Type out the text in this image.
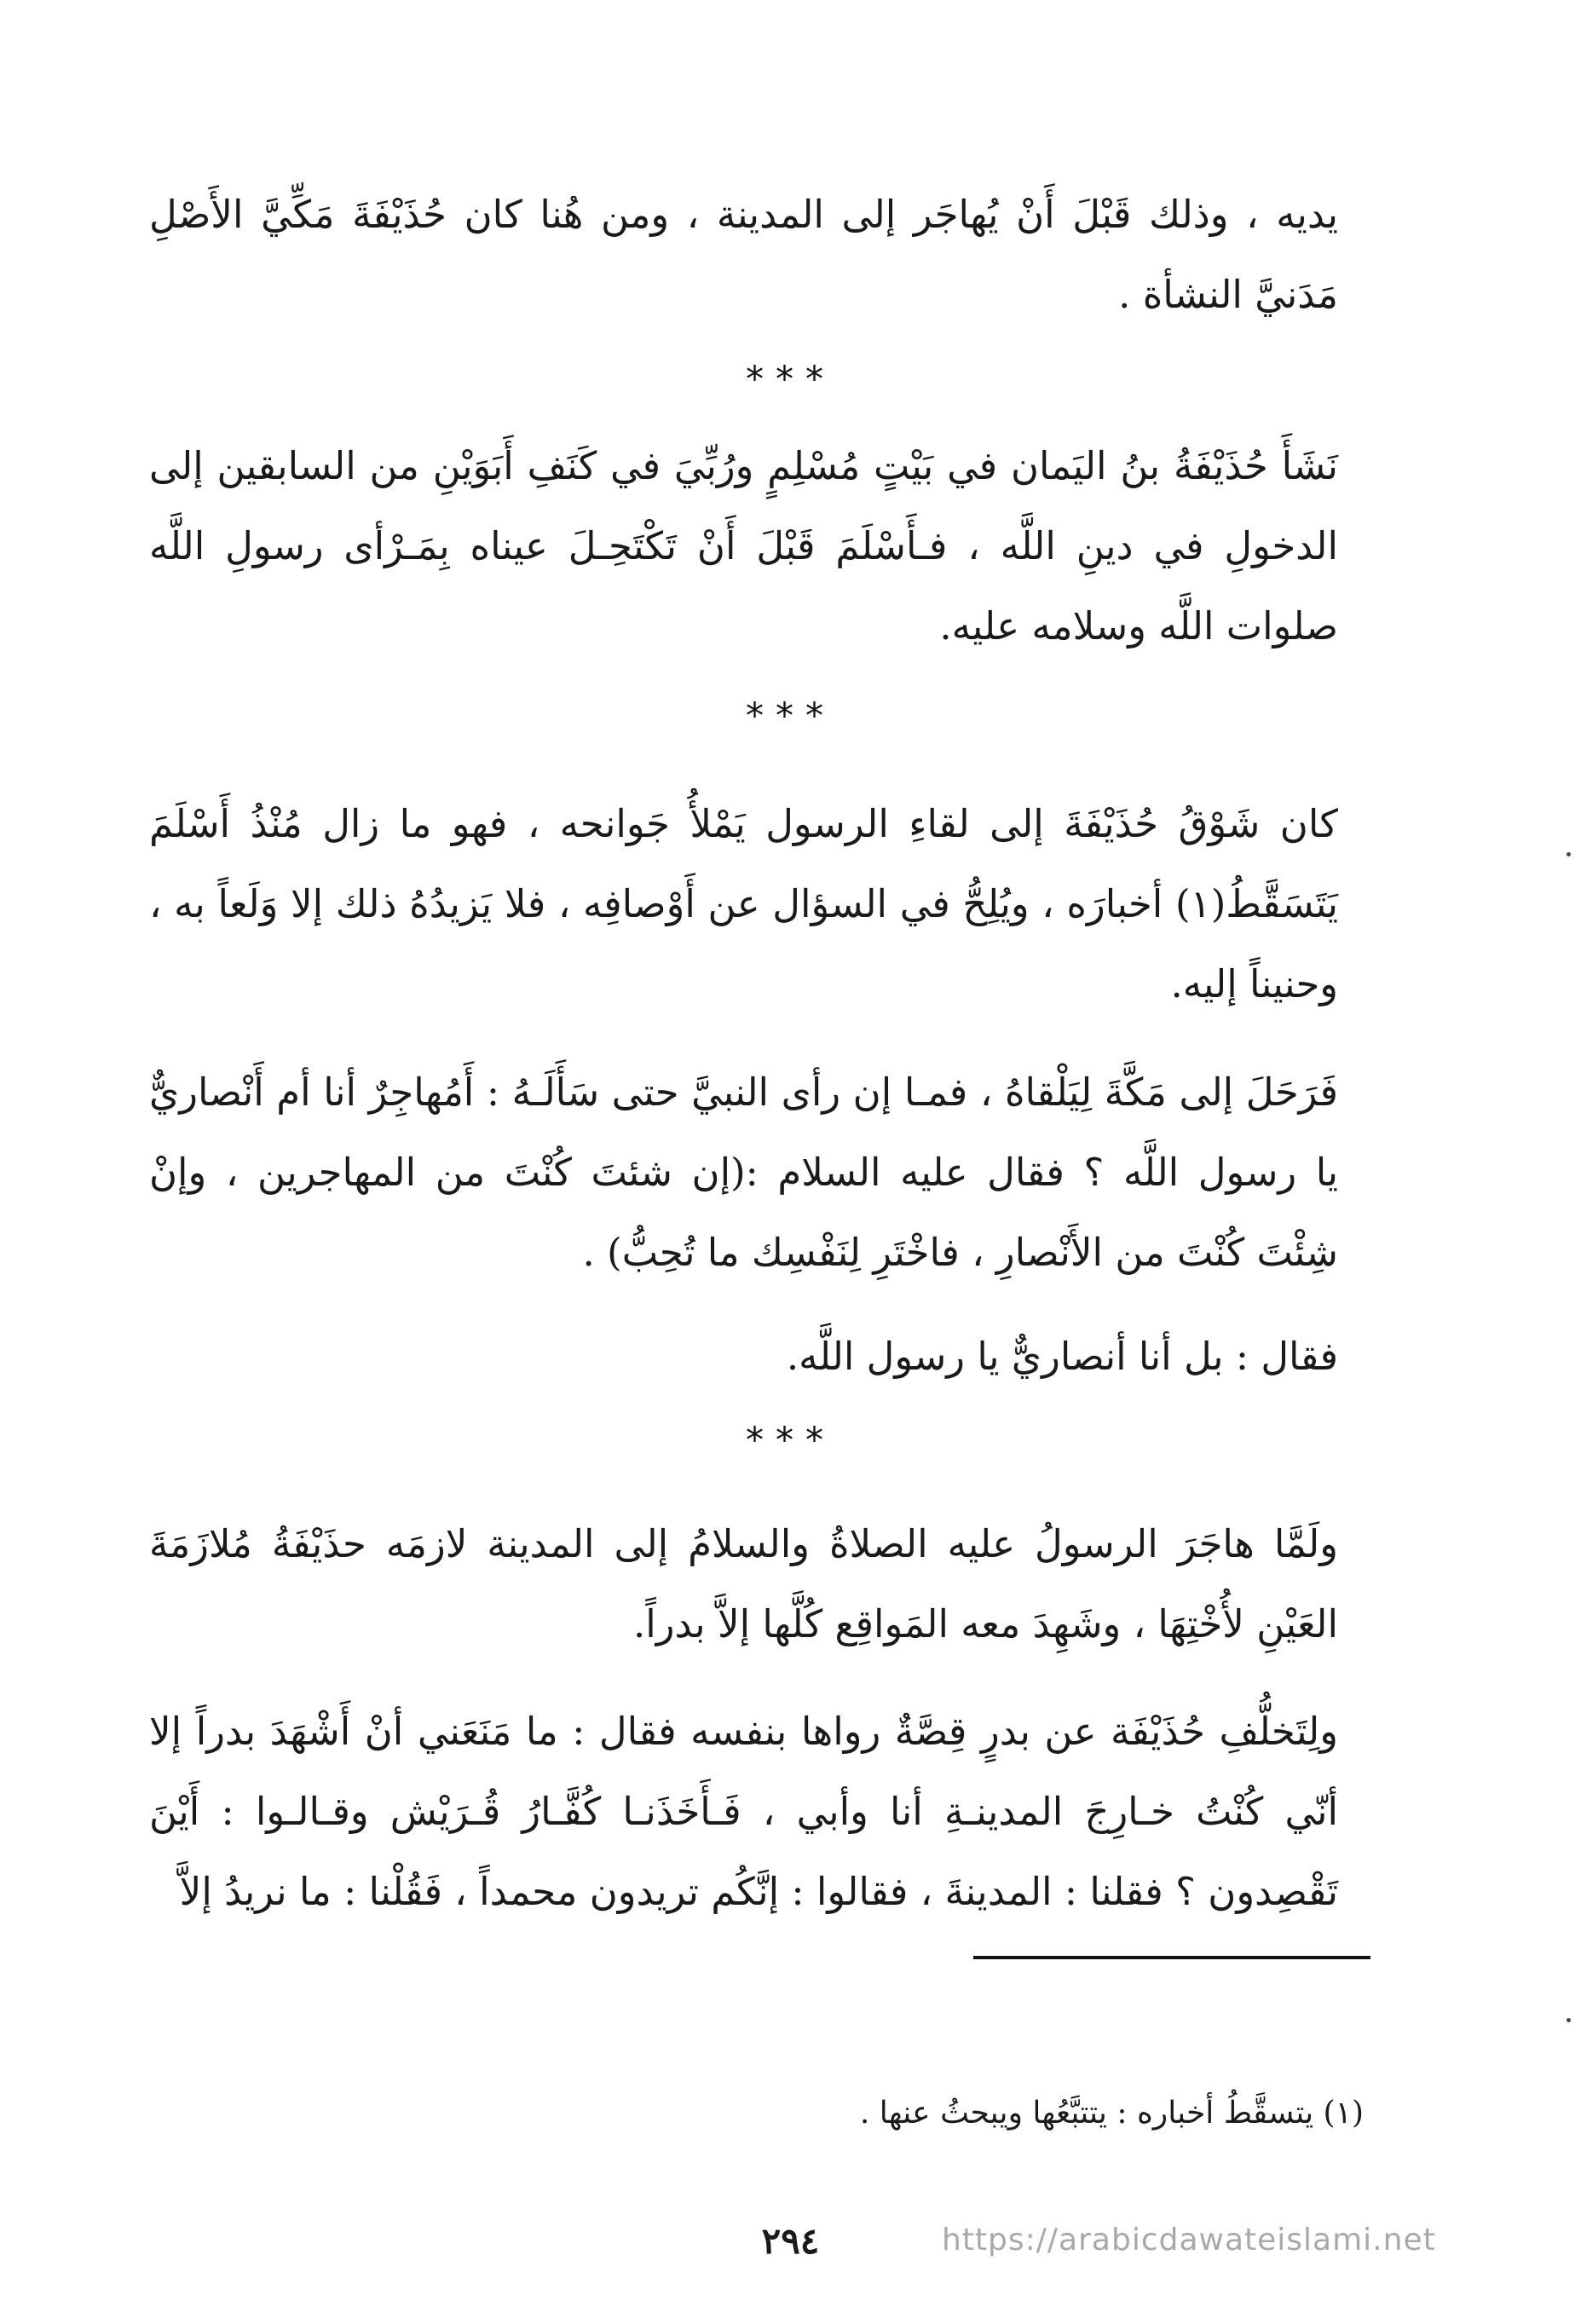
يديه ، وذلك قَبْلَ أَنْ يُهاجَر إلى المدينة ، ومن هُنا كان حُذَيْفَةَ مَكِّيَّ الأَصْلِ مَدَنيَّ النشأة .

***

نَشَأَ حُذَيْفَةُ بنُ اليَمان في بَيْتٍ مُسْلِمٍ ورُبِّيَ في كَنَفِ أَبَوَيْنِ من السابقين إلى الدخولِ في دينِ اللَّه ، فـأَسْلَمَ قَبْلَ أَنْ تَكْتَحِـلَ عيناه بِمَـرْأى رسولِ اللَّه صلوات اللَّه وسلامه عليه.

***

كان شَوْقُ حُذَيْفَةَ إلى لقاءِ الرسول يَمْلأُ جَوانحه ، فهو ما زال مُنْذُ أَسْلَمَ يَتَسَقَّطُ(١) أخبارَه ، ويُلِحُّ في السؤال عن أَوْصافِه ، فلا يَزيدُهُ ذلك إلا وَلَعاً به ، وحنيناً إليه.

فَرَحَلَ إلى مَكَّةَ لِيَلْقاهُ ، فمـا إن رأى النبيَّ حتى سَأَلَـهُ : أَمُهاجِرٌ أنا أم أَنْصاريٌّ يا رسول اللَّه ؟ فقال عليه السلام :(إن شئتَ كُنْتَ من المهاجرين ، وإنْ شِئْتَ كُنْتَ من الأَنْصارِ ، فاخْتَرِ لِنَفْسِك ما تُحِبُّ) .

فقال : بل أنا أنصاريٌّ يا رسول اللَّه.

***

ولَمَّا هاجَرَ الرسولُ عليه الصلاةُ والسلامُ إلى المدينة لازمَه حذَيْفَةُ مُلازَمَةَ العَيْنِ لأُخْتِهَا ، وشَهِدَ معه المَواقِع كُلَّها إلاَّ بدراً.

ولِتَخلُّفِ حُذَيْفَة عن بدرٍ قِصَّةٌ رواها بنفسه فقال : ما مَنَعَني أنْ أَشْهَدَ بدراً إلا أنّي كُنْتُ خـارِجَ المدينـةِ أنا وأبي ، فَـأَخَذَنـا كُفَّـارُ قُـرَيْش وقـالـوا : أَيْنَ تَقْصِدون ؟ فقلنا : المدينةَ ، فقالوا : إنَّكُم تريدون محمداً ، فَقُلْنا : ما نريدُ إلاَّ

(١) يتسقَّطُ أخباره : يتتبَّعُها ويبحثُ عنها .

٢٩٤	https://arabicdawateislami.net
